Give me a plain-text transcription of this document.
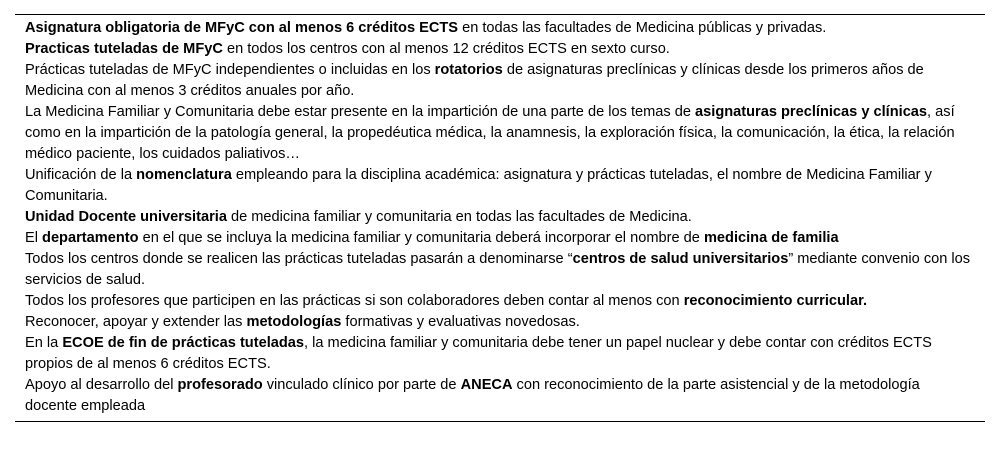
Asignatura obligatoria de MFyC con al menos 6 créditos ECTS en todas las facultades de Medicina públicas y privadas.
Practicas tuteladas de MFyC en todos los centros con al menos 12 créditos ECTS en sexto curso.
Prácticas tuteladas de MFyC independientes o incluidas en los rotatorios de asignaturas preclínicas y clínicas desde los primeros años de Medicina con al menos 3 créditos anuales por año.
La Medicina Familiar y Comunitaria debe estar presente en la impartición de una parte de los temas de asignaturas preclínicas y clínicas, así como en la impartición de la patología general, la propedéutica médica, la anamnesis, la exploración física, la comunicación, la ética, la relación médico paciente, los cuidados paliativos…
Unificación de la nomenclatura empleando para la disciplina académica: asignatura y prácticas tuteladas, el nombre de Medicina Familiar y Comunitaria.
Unidad Docente universitaria de medicina familiar y comunitaria en todas las facultades de Medicina.
El departamento en el que se incluya la medicina familiar y comunitaria deberá incorporar el nombre de medicina de familia
Todos los centros donde se realicen las prácticas tuteladas pasarán a denominarse “centros de salud universitarios” mediante convenio con los servicios de salud.
Todos los profesores que participen en las prácticas si son colaboradores deben contar al menos con reconocimiento curricular.
Reconocer, apoyar y extender las metodologías formativas y evaluativas novedosas.
En la ECOE de fin de prácticas tuteladas, la medicina familiar y comunitaria debe tener un papel nuclear y debe contar con créditos ECTS propios de al menos 6 créditos ECTS.
Apoyo al desarrollo del profesorado vinculado clínico por parte de ANECA con reconocimiento de la parte asistencial y de la metodología docente empleada
